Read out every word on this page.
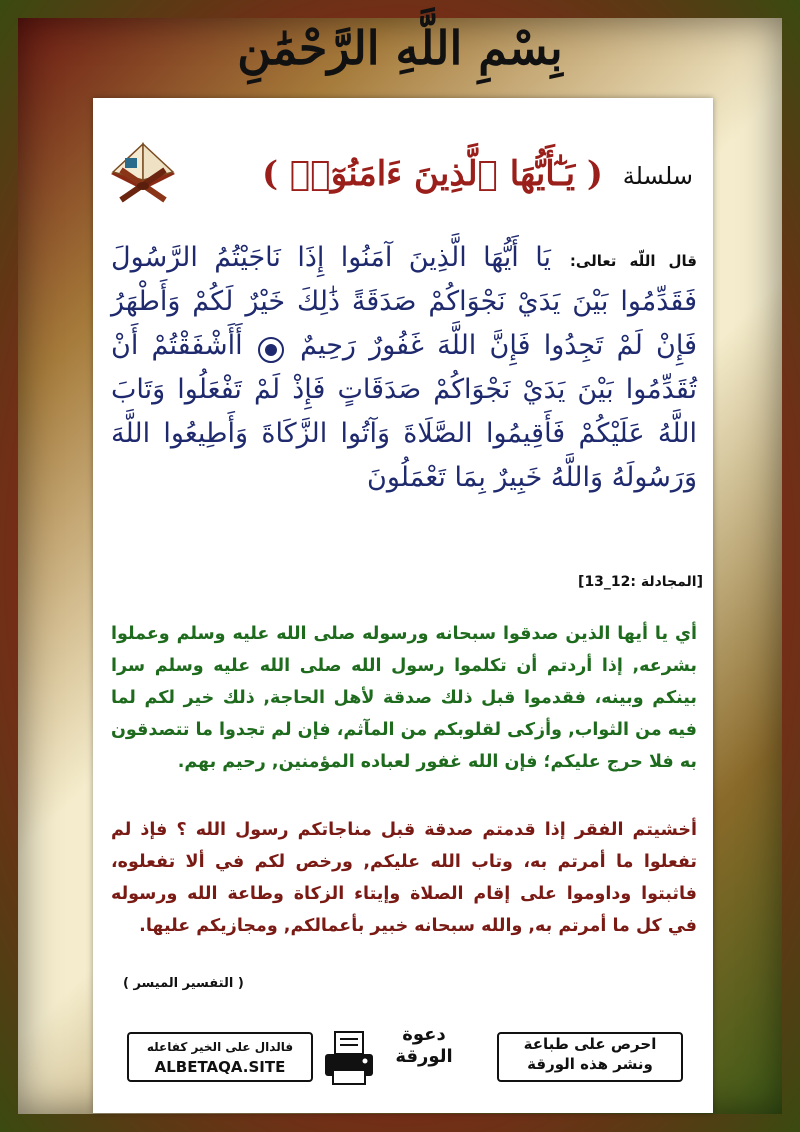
بِسْمِ اللَّهِ الرَّحْمَٰنِ
( يَـٰٓأَيُّهَا ٱلَّذِينَ ءَامَنُوٓا۟ ) سلسلة
قال اللّه تعالى: يَا أَيُّهَا الَّذِينَ آمَنُوا إِذَا نَاجَيْتُمُ الرَّسُولَ فَقَدِّمُوا بَيْنَ يَدَيْ نَجْوَاكُمْ صَدَقَةً ذَٰلِكَ خَيْرٌ لَكُمْ وَأَطْهَرُ فَإِنْ لَمْ تَجِدُوا فَإِنَّ اللَّهَ غَفُورٌ رَحِيمٌ  أَأَشْفَقْتُمْ أَنْ تُقَدِّمُوا بَيْنَ يَدَيْ نَجْوَاكُمْ صَدَقَاتٍ فَإِذْ لَمْ تَفْعَلُوا وَتَابَ اللَّهُ عَلَيْكُمْ فَأَقِيمُوا الصَّلَاةَ وَآتُوا الزَّكَاةَ وَأَطِيعُوا اللَّهَ وَرَسُولَهُ وَاللَّهُ خَبِيرٌ بِمَا تَعْمَلُونَ
[المجادلة :12_13]
أي يا أيها الذين صدقوا سبحانه ورسوله صلى الله عليه وسلم وعملوا بشرعه, إذا أردتم أن تكلموا رسول الله صلى الله عليه وسلم سرا بينكم وبينه، فقدموا قبل ذلك صدقة لأهل الحاجة, ذلك خير لكم لما فيه من الثواب, وأزكى لقلوبكم من المآثم، فإن لم تجدوا ما تتصدقون به فلا حرج عليكم؛ فإن الله غفور لعباده المؤمنين, رحيم بهم.
أخشيتم الفقر إذا قدمتم صدقة قبل مناجاتكم رسول الله ؟ فإذ لم تفعلوا ما أمرتم به، وتاب الله عليكم, ورخص لكم في ألا تفعلوه، فاثبتوا وداوموا على إقام الصلاة وإيتاء الزكاة وطاعة الله ورسوله في كل ما أمرتم به, والله سبحانه خبير بأعمالكم, ومجازيكم عليها.
( التفسير الميسر )
فالدال على الخير كفاعله
ALBETAQA.SITE
دعوة
الورقة
احرص على طباعة
ونشر هذه الورقة
